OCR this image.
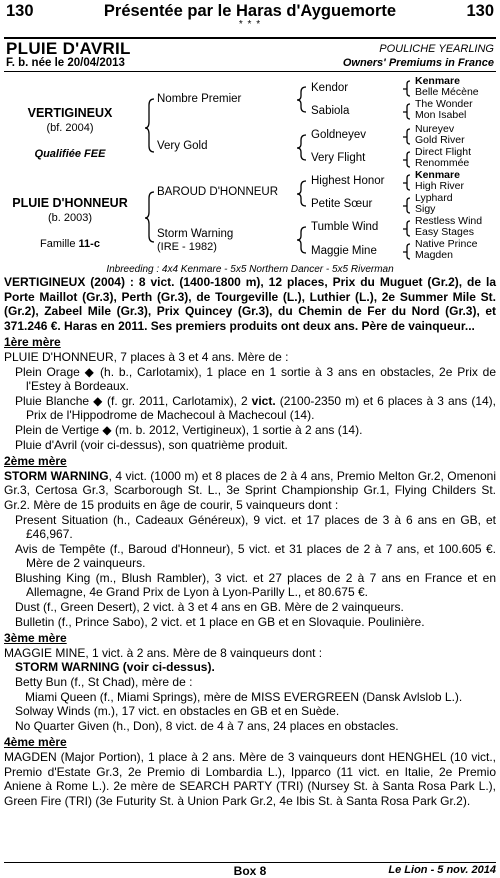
130	Présentée par le Haras d'Ayguemorte	130
* * *
PLUIE D'AVRIL	POULICHE YEARLING
F. b. née le 20/04/2013	Owners' Premiums in France
VERTIGINEUX
(bf. 2004)
Qualifiée FEE
PLUIE D'HONNEUR
(b. 2003)
Famille 11-c
Nombre Premier
Very Gold
BAROUD D'HONNEUR
Storm Warning
(IRE - 1982)
Kendor
Sabiola
Goldneyev
Very Flight
Highest Honor
Petite Sœur
Tumble Wind
Maggie Mine
Kenmare
Belle Mécène
The Wonder
Mon Isabel
Nureyev
Gold River
Direct Flight
Renommée
Kenmare
High River
Lyphard
Sigy
Restless Wind
Easy Stages
Native Prince
Magden
Inbreeding : 4x4 Kenmare - 5x5 Northern Dancer - 5x5 Riverman

VERTIGINEUX (2004) : 8 vict. (1400-1800 m), 12 places, Prix du Muguet (Gr.2), de la Porte Maillot (Gr.3), Perth (Gr.3), de Tourgeville (L.), Luthier (L.), 2e Summer Mile St. (Gr.2), Zabeel Mile (Gr.3), Prix Quincey (Gr.3), du Chemin de Fer du Nord (Gr.3), et 371.246 €. Haras en 2011. Ses premiers produits ont deux ans. Père de vainqueur...

1ère mère

PLUIE D'HONNEUR, 7 places à 3 et 4 ans. Mère de :

Plein Orage ◆ (h. b., Carlotamix), 1 place en 1 sortie à 3 ans en obstacles, 2e Prix de l'Estey à Bordeaux.

Pluie Blanche ◆ (f. gr. 2011, Carlotamix), 2 vict. (2100-2350 m) et 6 places à 3 ans (14), Prix de l'Hippodrome de Machecoul à Machecoul (14).

Plein de Vertige ◆ (m. b. 2012, Vertigineux), 1 sortie à 2 ans (14).

Pluie d'Avril (voir ci-dessus), son quatrième produit.

2ème mère

STORM WARNING, 4 vict. (1000 m) et 8 places de 2 à 4 ans, Premio Melton Gr.2, Omenoni Gr.3, Certosa Gr.3, Scarborough St. L., 3e Sprint Championship Gr.1, Flying Childers St. Gr.2. Mère de 15 produits en âge de courir, 5 vainqueurs dont :

Present Situation (h., Cadeaux Généreux), 9 vict. et 17 places de 3 à 6 ans en GB, et £46,967.

Avis de Tempête (f., Baroud d'Honneur), 5 vict. et 31 places de 2 à 7 ans, et 100.605 €. Mère de 2 vainqueurs.

Blushing King (m., Blush Rambler), 3 vict. et 27 places de 2 à 7 ans en France et en Allemagne, 4e Grand Prix de Lyon à Lyon-Parilly L., et 80.675 €.

Dust (f., Green Desert), 2 vict. à 3 et 4 ans en GB. Mère de 2 vainqueurs.

Bulletin (f., Prince Sabo), 2 vict. et 1 place en GB et en Slovaquie. Poulinière.

3ème mère

MAGGIE MINE, 1 vict. à 2 ans. Mère de 8 vainqueurs dont :

STORM WARNING (voir ci-dessus).

Betty Bun (f., St Chad), mère de :

Miami Queen (f., Miami Springs), mère de MISS EVERGREEN (Dansk Avlslob L.).

Solway Winds (m.), 17 vict. en obstacles en GB et en Suède.

No Quarter Given (h., Don), 8 vict. de 4 à 7 ans, 24 places en obstacles.

4ème mère

MAGDEN (Major Portion), 1 place à 2 ans. Mère de 3 vainqueurs dont HENGHEL (10 vict., Premio d'Estate Gr.3, 2e Premio di Lombardia L.), Ipparco (11 vict. en Italie, 2e Premio Aniene à Rome L.). 2e mère de SEARCH PARTY (TRI) (Nursey St. à Santa Rosa Park L.), Green Fire (TRI) (3e Futurity St. à Union Park Gr.2, 4e Ibis St. à Santa Rosa Park Gr.2).

Box 8	Le Lion - 5 nov. 2014
